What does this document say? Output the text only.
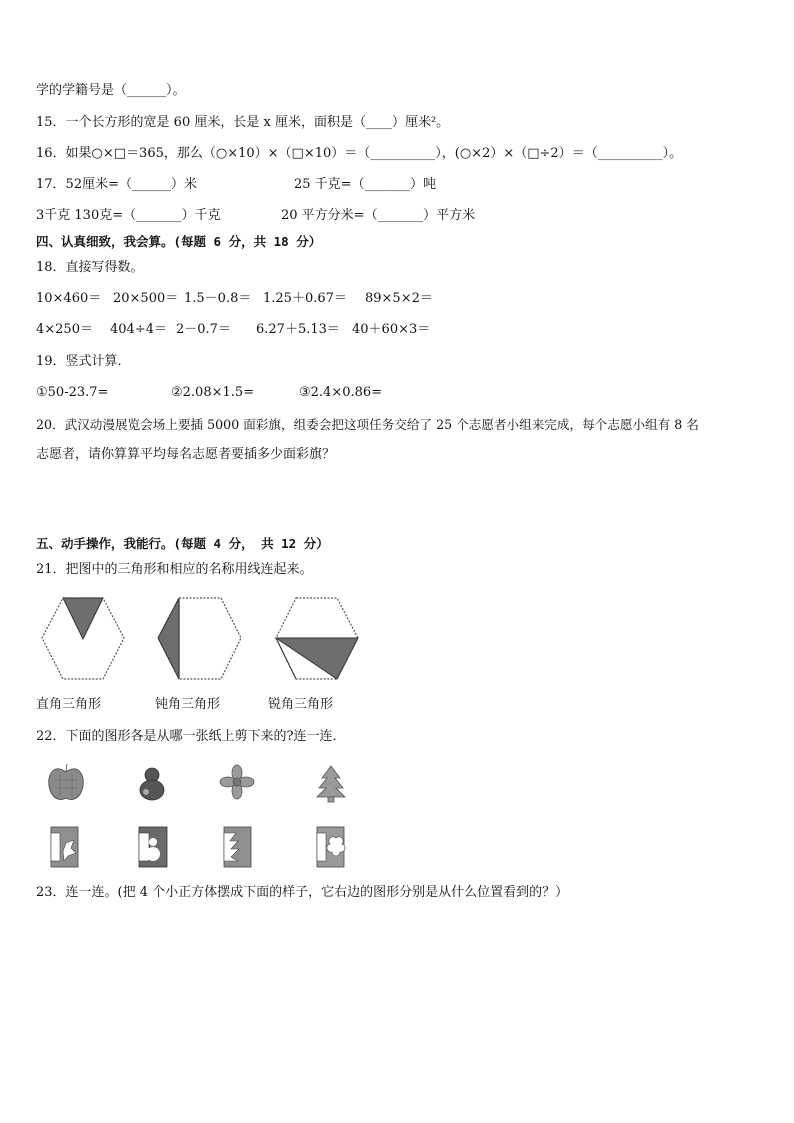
学的学籍号是（______）。
15．一个长方形的宽是 60 厘米，长是 x 厘米，面积是（____）厘米²。
16．如果○×□＝365，那么（○×10）×（□×10）＝（__________），(○×2）×（□÷2）＝（__________）。
17．52厘米=（______）米	25 千克=（_______）吨
3千克 130克=（_______）千克	20 平方分米=（_______）平方米
四、认真细致，我会算。(每题 6 分，共 18 分）
18．直接写得数。
10×460＝ 20×500＝ 1.5－0.8＝ 1.25＋0.67＝ 89×5×2＝
4×250＝ 404÷4＝ 2－0.7＝ 6.27＋5.13＝ 40＋60×3＝
19．竖式计算．
①50-23.7=	②2.08×1.5=	③2.4×0.86=
20．武汉动漫展览会场上要插 5000 面彩旗，组委会把这项任务交给了 25 个志愿者小组来完成，每个志愿小组有 8 名
志愿者，请你算算平均每名志愿者要插多少面彩旗？
五、动手操作，我能行。(每题 4 分， 共 12 分）
21．把图中的三角形和相应的名称用线连起来。
直角三角形	钝角三角形	锐角三角形
22．下面的图形各是从哪一张纸上剪下来的?连一连．
23．连一连。(把 4 个小正方体摆成下面的样子，它右边的图形分别是从什么位置看到的？）
